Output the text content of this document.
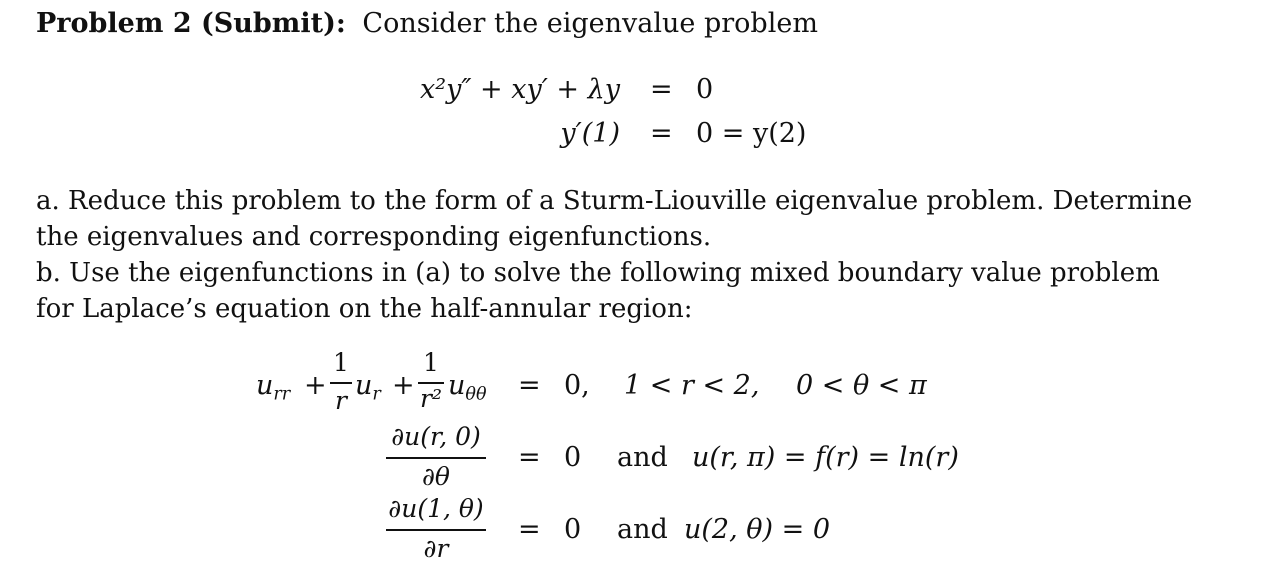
Problem 2 (Submit): Consider the eigenvalue problem
x²y″ + xy′ + λy = 0
y′(1) = 0 = y(2)
a. Reduce this problem to the form of a Sturm-Liouville eigenvalue problem. Determine the eigenvalues and corresponding eigenfunctions.
b. Use the eigenfunctions in (a) to solve the following mixed boundary value problem for Laplace’s equation on the half-annular region:
$u_{rr}$ +
1
r $u_r$ +
1
r² $u_{\theta\theta} = 0$, 1 < r < 2, 0 < θ < π
∂u(r, 0)
∂θ
= 0 and u(r, π) = f(r) = ln(r)
∂u(1, θ)
∂r
= 0 and u(2, θ) = 0
